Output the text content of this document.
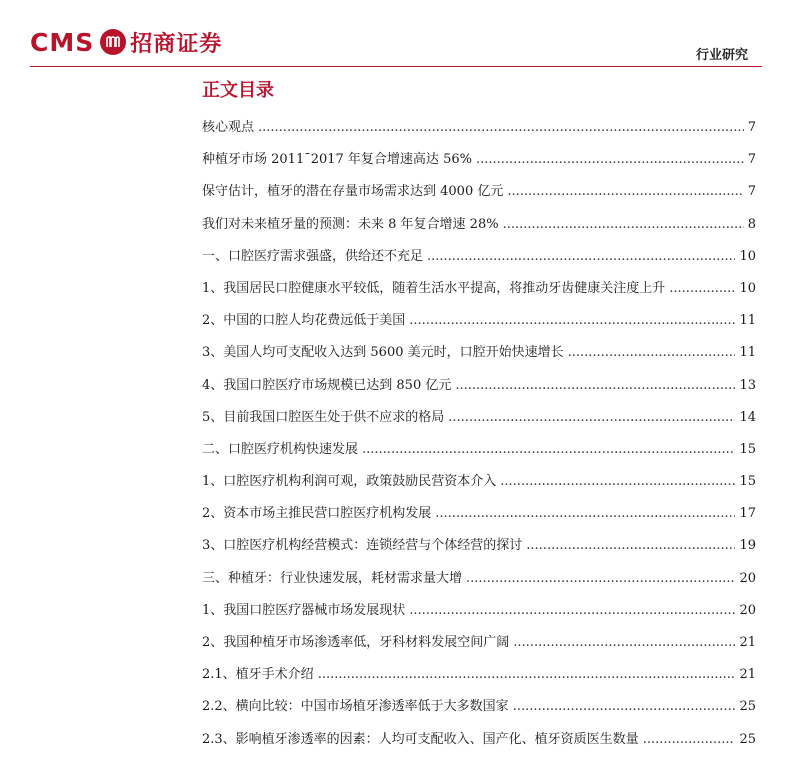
CMS 招商证券	行业研究
正文目录
核心观点 .....	7
种植牙市场 2011¯2017 年复合增速高达 56% .....	7
保守估计，植牙的潜在存量市场需求达到 4000 亿元 .....	7
我们对未来植牙量的预测：未来 8 年复合增速 28% .....	8
一、口腔医疗需求强盛，供给还不充足 .....	10
1、我国居民口腔健康水平较低，随着生活水平提高，将推动牙齿健康关注度上升 .....	10
2、中国的口腔人均花费远低于美国 .....	11
3、美国人均可支配收入达到 5600 美元时，口腔开始快速增长 .....	11
4、我国口腔医疗市场规模已达到 850 亿元 .....	13
5、目前我国口腔医生处于供不应求的格局 .....	14
二、口腔医疗机构快速发展 .....	15
1、口腔医疗机构利润可观，政策鼓励民营资本介入 .....	15
2、资本市场主推民营口腔医疗机构发展 .....	17
3、口腔医疗机构经营模式：连锁经营与个体经营的探讨 .....	19
三、种植牙：行业快速发展，耗材需求量大增 .....	20
1、我国口腔医疗器械市场发展现状 .....	20
2、我国种植牙市场渗透率低，牙科材料发展空间广阔 .....	21
2.1、植牙手术介绍 .....	21
2.2、横向比较：中国市场植牙渗透率低于大多数国家 .....	25
2.3、影响植牙渗透率的因素：人均可支配收入、国产化、植牙资质医生数量 .....	25
